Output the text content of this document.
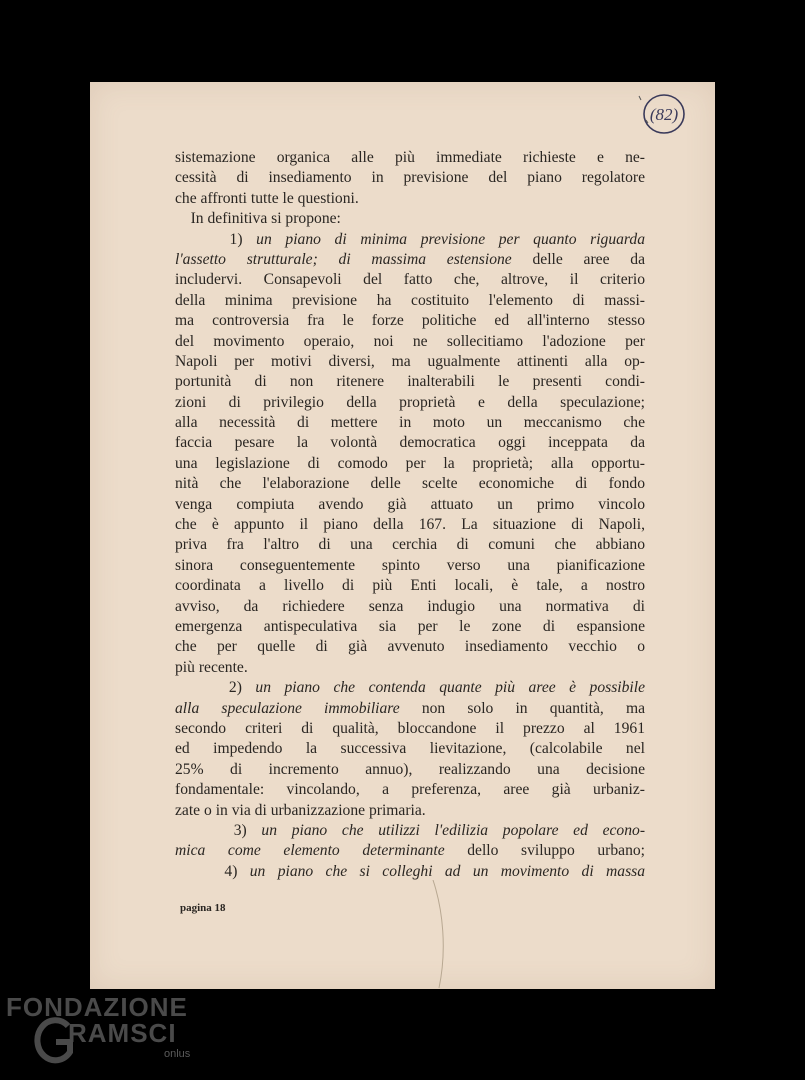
(82)
sistemazione organica alle più immediate richieste e ne-
cessità di insediamento in previsione del piano regolatore
che affronti tutte le questioni.
In definitiva si propone:
1) un piano di minima previsione per quanto riguarda
l'assetto strutturale; di massima estensione delle aree da
includervi. Consapevoli del fatto che, altrove, il criterio
della minima previsione ha costituito l'elemento di massi-
ma controversia fra le forze politiche ed all'interno stesso
del movimento operaio, noi ne sollecitiamo l'adozione per
Napoli per motivi diversi, ma ugualmente attinenti alla op-
portunità di non ritenere inalterabili le presenti condi-
zioni di privilegio della proprietà e della speculazione;
alla necessità di mettere in moto un meccanismo che
faccia pesare la volontà democratica oggi inceppata da
una legislazione di comodo per la proprietà; alla opportu-
nità che l'elaborazione delle scelte economiche di fondo
venga compiuta avendo già attuato un primo vincolo
che è appunto il piano della 167. La situazione di Napoli,
priva fra l'altro di una cerchia di comuni che abbiano
sinora conseguentemente spinto verso una pianificazione
coordinata a livello di più Enti locali, è tale, a nostro
avviso, da richiedere senza indugio una normativa di
emergenza antispeculativa sia per le zone di espansione
che per quelle di già avvenuto insediamento vecchio o
più recente.
2) un piano che contenda quante più aree è possibile
alla speculazione immobiliare non solo in quantità, ma
secondo criteri di qualità, bloccandone il prezzo al 1961
ed impedendo la successiva lievitazione, (calcolabile nel
25% di incremento annuo), realizzando una decisione
fondamentale: vincolando, a preferenza, aree già urbaniz-
zate o in via di urbanizzazione primaria.
3) un piano che utilizzi l'edilizia popolare ed econo-
mica come elemento determinante dello sviluppo urbano;
4) un piano che si colleghi ad un movimento di massa
pagina 18
FONDAZIONE
RAMSCI
onlus
